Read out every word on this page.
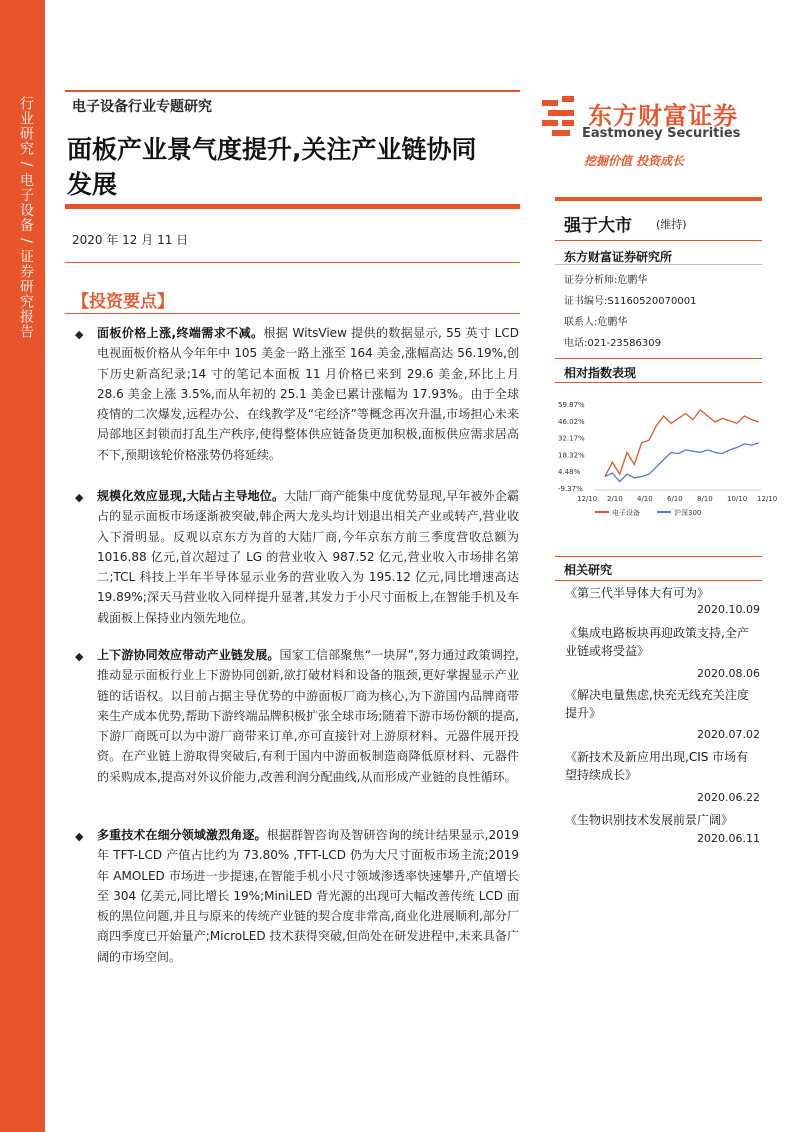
行业研究 / 电子设备 / 证券研究报告	电子设备行业专题研究
面板产业景气度提升,关注产业链协同
发展
2020 年 12 月 11 日
东方财富证券
Eastmoney Securities
挖掘价值 投资成长
强于大市 (维持)
东方财富证券研究所
证券分析师:危鹏华
证书编号:S1160520070001
联系人:危鹏华
电话:021-23586309
相对指数表现
59.87%
46.02%
32.17%
18.32%
4.48%
-9.37%
12/10 2/10 4/10 6/10 8/10 10/10 12/10
电子设备	沪深300
相关研究
《第三代半导体大有可为》
2020.10.09
《集成电路板块再迎政策支持,全产
业链或将受益》
2020.08.06
《解决电量焦虑,快充无线充关注度
提升》
2020.07.02
《新技术及新应用出现,CIS 市场有
望持续成长》
2020.06.22
《生物识别技术发展前景广阔》
2020.06.11
【投资要点】
◆ 面板价格上涨,终端需求不减。根据 WitsView 提供的数据显示, 55 英寸 LCD 电视面板价格从今年年中 105 美金一路上涨至 164 美金,涨幅高达 56.19%,创下历史新高纪录;14 寸的笔记本面板 11 月价格已来到 29.6 美金,环比上月 28.6 美金上涨 3.5%,而从年初的 25.1 美金已累计涨幅为 17.93%。由于全球疫情的二次爆发,远程办公、在线教学及“宅经济”等概念再次升温,市场担心未来局部地区封锁而打乱生产秩序,使得整体供应链备货更加积极,面板供应需求居高不下,预期该轮价格涨势仍将延续。
◆ 规模化效应显现,大陆占主导地位。大陆厂商产能集中度优势显现,早年被外企霸占的显示面板市场逐渐被突破,韩企两大龙头均计划退出相关产业或转产,营业收入下滑明显。反观以京东方为首的大陆厂商,今年京东方前三季度营收总额为 1016.88 亿元,首次超过了 LG 的营业收入 987.52 亿元,营业收入市场排名第二;TCL 科技上半年半导体显示业务的营业收入为 195.12 亿元,同比增速高达 19.89%;深天马营业收入同样提升显著,其发力于小尺寸面板上,在智能手机及车载面板上保持业内领先地位。
◆ 上下游协同效应带动产业链发展。国家工信部聚焦“一块屏”,努力通过政策调控,推动显示面板行业上下游协同创新,欲打破材料和设备的瓶颈,更好掌握显示产业链的话语权。以目前占据主导优势的中游面板厂商为核心,为下游国内品牌商带来生产成本优势,帮助下游终端品牌积极扩张全球市场;随着下游市场份额的提高,下游厂商既可以为中游厂商带来订单,亦可直接针对上游原材料、元器件展开投资。在产业链上游取得突破后,有利于国内中游面板制造商降低原材料、元器件的采购成本,提高对外议价能力,改善利润分配曲线,从而形成产业链的良性循环。
◆ 多重技术在细分领域激烈角逐。根据群智咨询及智研咨询的统计结果显示,2019 年 TFT-LCD 产值占比约为 73.80% ,TFT-LCD 仍为大尺寸面板市场主流;2019 年 AMOLED 市场进一步提速,在智能手机小尺寸领域渗透率快速攀升,产值增长至 304 亿美元,同比增长 19%;MiniLED 背光源的出现可大幅改善传统 LCD 面板的黑位问题,并且与原来的传统产业链的契合度非常高,商业化进展顺利,部分厂商四季度已开始量产;MicroLED 技术获得突破,但尚处在研发进程中,未来具备广阔的市场空间。
